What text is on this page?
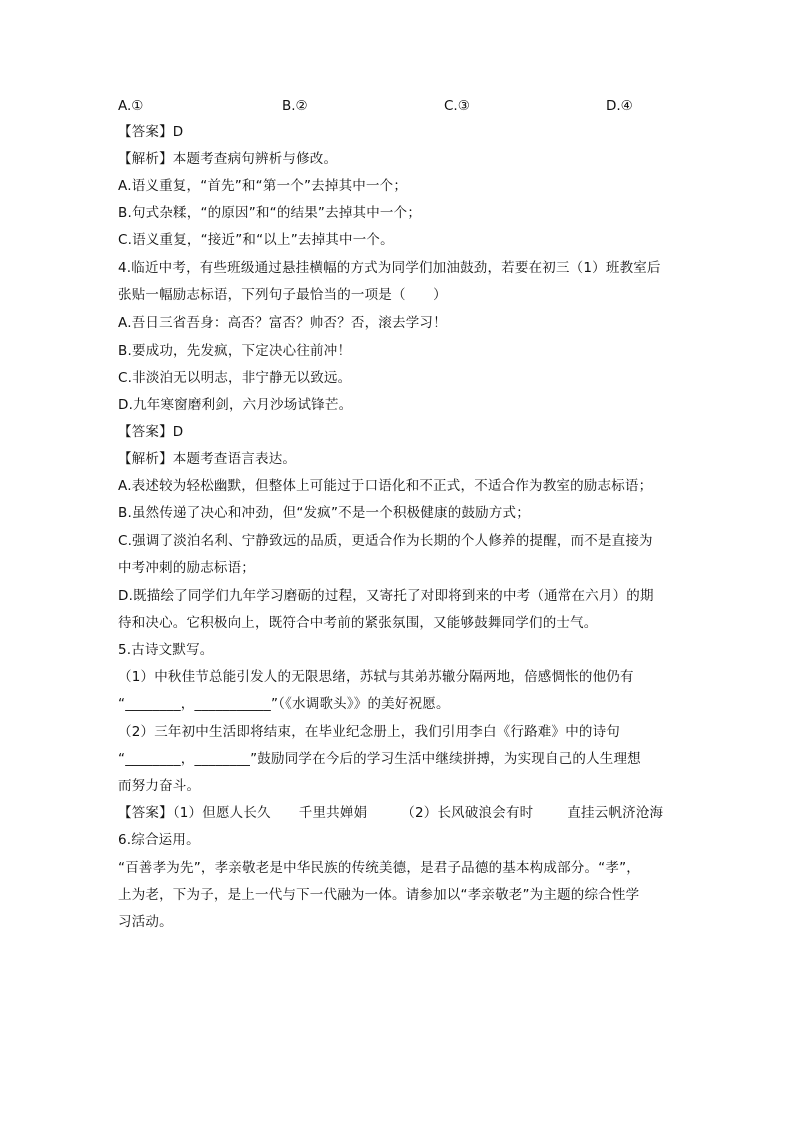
A.①	B.②	C.③	D.④
【答案】D
【解析】本题考查病句辨析与修改。
A.语义重复，“首先”和“第一个”去掉其中一个；
B.句式杂糅，“的原因”和“的结果”去掉其中一个；
C.语义重复，“接近”和“以上”去掉其中一个。
4.临近中考，有些班级通过悬挂横幅的方式为同学们加油鼓劲，若要在初三（1）班教室后
张贴一幅励志标语，下列句子最恰当的一项是（　　）
A.吾日三省吾身：高否？富否？帅否？否，滚去学习！
B.要成功，先发疯，下定决心往前冲！
C.非淡泊无以明志，非宁静无以致远。
D.九年寒窗磨利剑，六月沙场试锋芒。
【答案】D
【解析】本题考查语言表达。
A.表述较为轻松幽默，但整体上可能过于口语化和不正式，不适合作为教室的励志标语；
B.虽然传递了决心和冲劲，但“发疯”不是一个积极健康的鼓励方式；
C.强调了淡泊名利、宁静致远的品质，更适合作为长期的个人修养的提醒，而不是直接为
中考冲刺的励志标语；
D.既描绘了同学们九年学习磨砺的过程，又寄托了对即将到来的中考（通常在六月）的期
待和决心。它积极向上，既符合中考前的紧张氛围，又能够鼓舞同学们的士气。
5.古诗文默写。
（1）中秋佳节总能引发人的无限思绪，苏轼与其弟苏辙分隔两地，倍感惆怅的他仍有
“________，___________”（《水调歌头》》的美好祝愿。
（2）三年初中生活即将结束，在毕业纪念册上，我们引用李白《行路难》中的诗句
“________，________”鼓励同学在今后的学习生活中继续拼搏，为实现自己的人生理想
而努力奋斗。
【答案】（1）但愿人长久 千里共婵娟	（2）长风破浪会有时	直挂云帆济沧海
6.综合运用。
“百善孝为先”，孝亲敬老是中华民族的传统美德，是君子品德的基本构成部分。“孝”，
上为老，下为子，是上一代与下一代融为一体。请参加以“孝亲敬老”为主题的综合性学
习活动。
